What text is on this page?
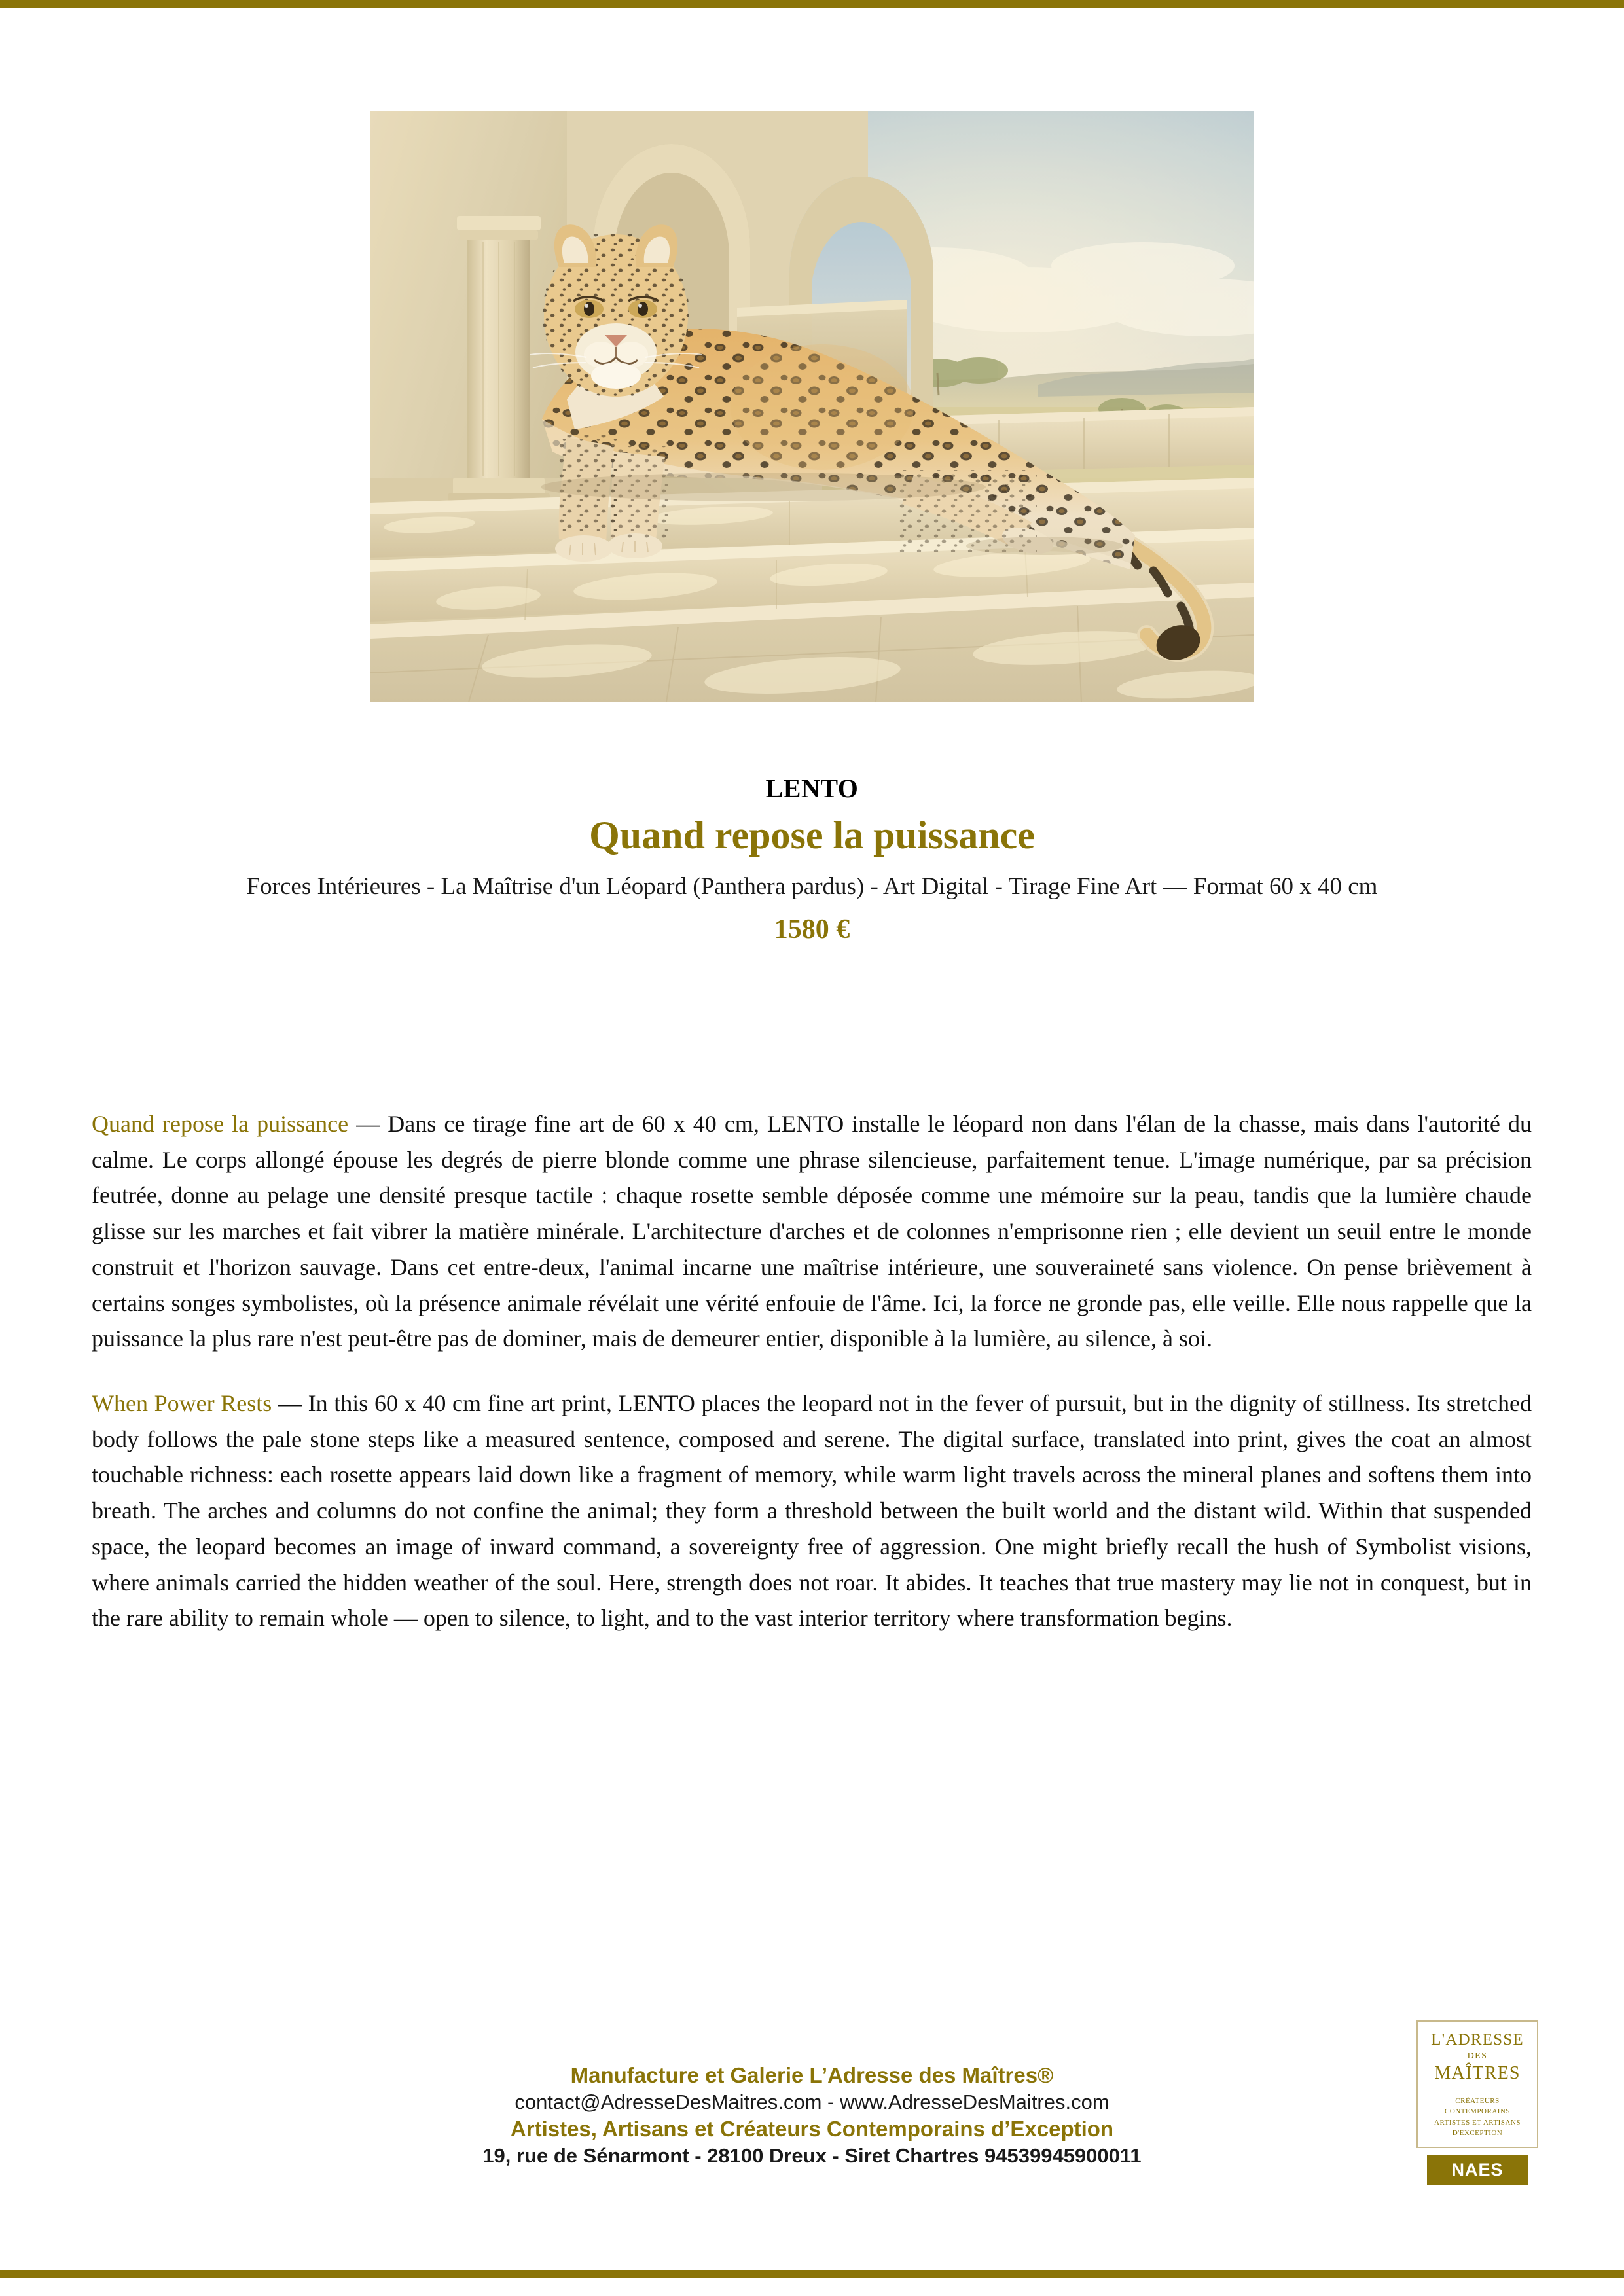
LENTO
Quand repose la puissance
Forces Intérieures - La Maîtrise d'un Léopard (Panthera pardus) - Art Digital - Tirage Fine Art — Format 60 x 40 cm
1580 €

Quand repose la puissance — Dans ce tirage fine art de 60 x 40 cm, LENTO installe le léopard non dans l'élan de la chasse, mais dans l'autorité du calme. Le corps allongé épouse les degrés de pierre blonde comme une phrase silencieuse, parfaitement tenue. L'image numérique, par sa précision feutrée, donne au pelage une densité presque tactile : chaque rosette semble déposée comme une mémoire sur la peau, tandis que la lumière chaude glisse sur les marches et fait vibrer la matière minérale. L'architecture d'arches et de colonnes n'emprisonne rien ; elle devient un seuil entre le monde construit et l'horizon sauvage. Dans cet entre-deux, l'animal incarne une maîtrise intérieure, une souveraineté sans violence. On pense brièvement à certains songes symbolistes, où la présence animale révélait une vérité enfouie de l'âme. Ici, la force ne gronde pas, elle veille. Elle nous rappelle que la puissance la plus rare n'est peut-être pas de dominer, mais de demeurer entier, disponible à la lumière, au silence, à soi.

When Power Rests — In this 60 x 40 cm fine art print, LENTO places the leopard not in the fever of pursuit, but in the dignity of stillness. Its stretched body follows the pale stone steps like a measured sentence, composed and serene. The digital surface, translated into print, gives the coat an almost touchable richness: each rosette appears laid down like a fragment of memory, while warm light travels across the mineral planes and softens them into breath. The arches and columns do not confine the animal; they form a threshold between the built world and the distant wild. Within that suspended space, the leopard becomes an image of inward command, a sovereignty free of aggression. One might briefly recall the hush of Symbolist visions, where animals carried the hidden weather of the soul. Here, strength does not roar. It abides. It teaches that true mastery may lie not in conquest, but in the rare ability to remain whole — open to silence, to light, and to the vast interior territory where transformation begins.

Manufacture et Galerie L’Adresse des Maîtres®
contact@AdresseDesMaitres.com - www.AdresseDesMaitres.com
Artistes, Artisans et Créateurs Contemporains d’Exception
19, rue de Sénarmont - 28100 Dreux - Siret Chartres 94539945900011
L'ADRESSE
DES
MAÎTRES
CRÉATEURS CONTEMPORAINS
ARTISTES ET ARTISANS
D'EXCEPTION
NAES
